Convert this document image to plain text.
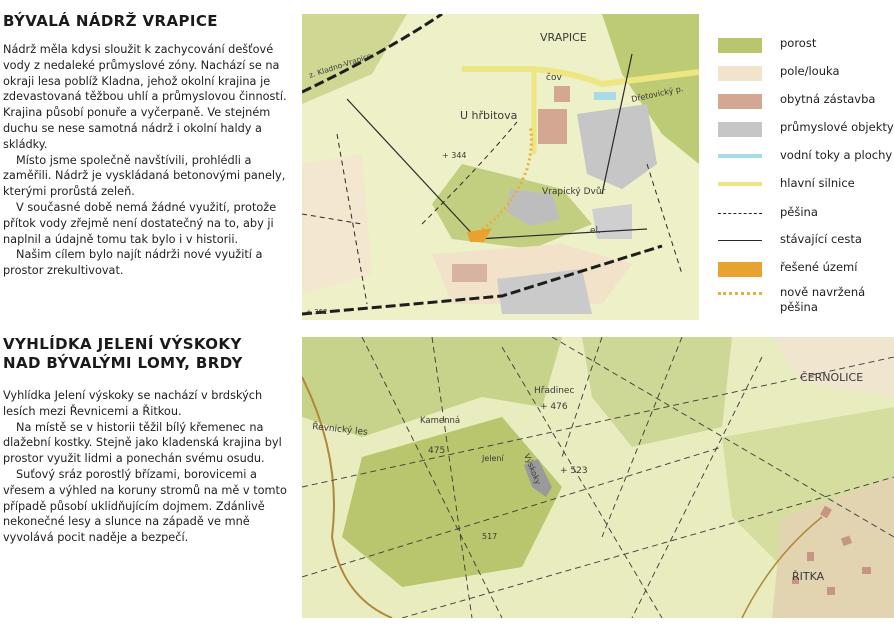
BÝVALÁ NÁDRŽ VRAPICE

Nádrž měla kdysi sloužit k zachycování dešťové vody z nedaleké průmyslové zóny. Nachází se na okraji lesa poblíž Kladna, jehož okolní krajina je zdevastovaná těžbou uhlí a průmyslovou činností. Krajina působí ponuře a vyčerpaně. Ve stejném duchu se nese samotná nádrž i okolní haldy a skládky.

Místo jsme společně navštívili, prohlédli a zaměřili. Nádrž je vyskládaná betonovými panely, kterými prorůstá zeleň.

V současné době nemá žádné využití, protože přítok vody zřejmě není dostatečný na to, aby ji naplnil a údajně tomu tak bylo i v historii.

Našim cílem bylo najít nádrži nové využití a prostor zrekultivovat.

VYHLÍDKA JELENÍ VÝSKOKY
NAD BÝVALÝMI LOMY, BRDY

Vyhlídka Jelení výskoky se nachází v brdských lesích mezi Řevnicemi a Řitkou.

Na místě se v historii těžil bílý křemenec na dlažební kostky. Stejně jako kladenská krajina byl prostor využit lidmi a ponechán svému osudu.

Suťový sráz porostlý břízami, borovicemi a vřesem a výhled na koruny stromů na mě v tomto případě působí uklidňujícím dojmem. Zdánlivě nekonečné lesy a slunce na západě ve mně vyvolává pocit naděje a bezpečí.

VRAPICE
z. Kladno-Vrapice	čov
Dřetovický p.
U hřbitova
+ 344
Vrapický Dvůr
el.
+ 362
ČERNOLICE
Hřadinec
+ 476
Kamenná
475
Řevnický les
Jelení Výskoky + 523
517
ŘITKA
porost
pole/louka
obytná zástavba
průmyslové objekty
vodní toky a plochy
hlavní silnice
pěšina
stávající cesta
řešené území
nově navržená pěšina
